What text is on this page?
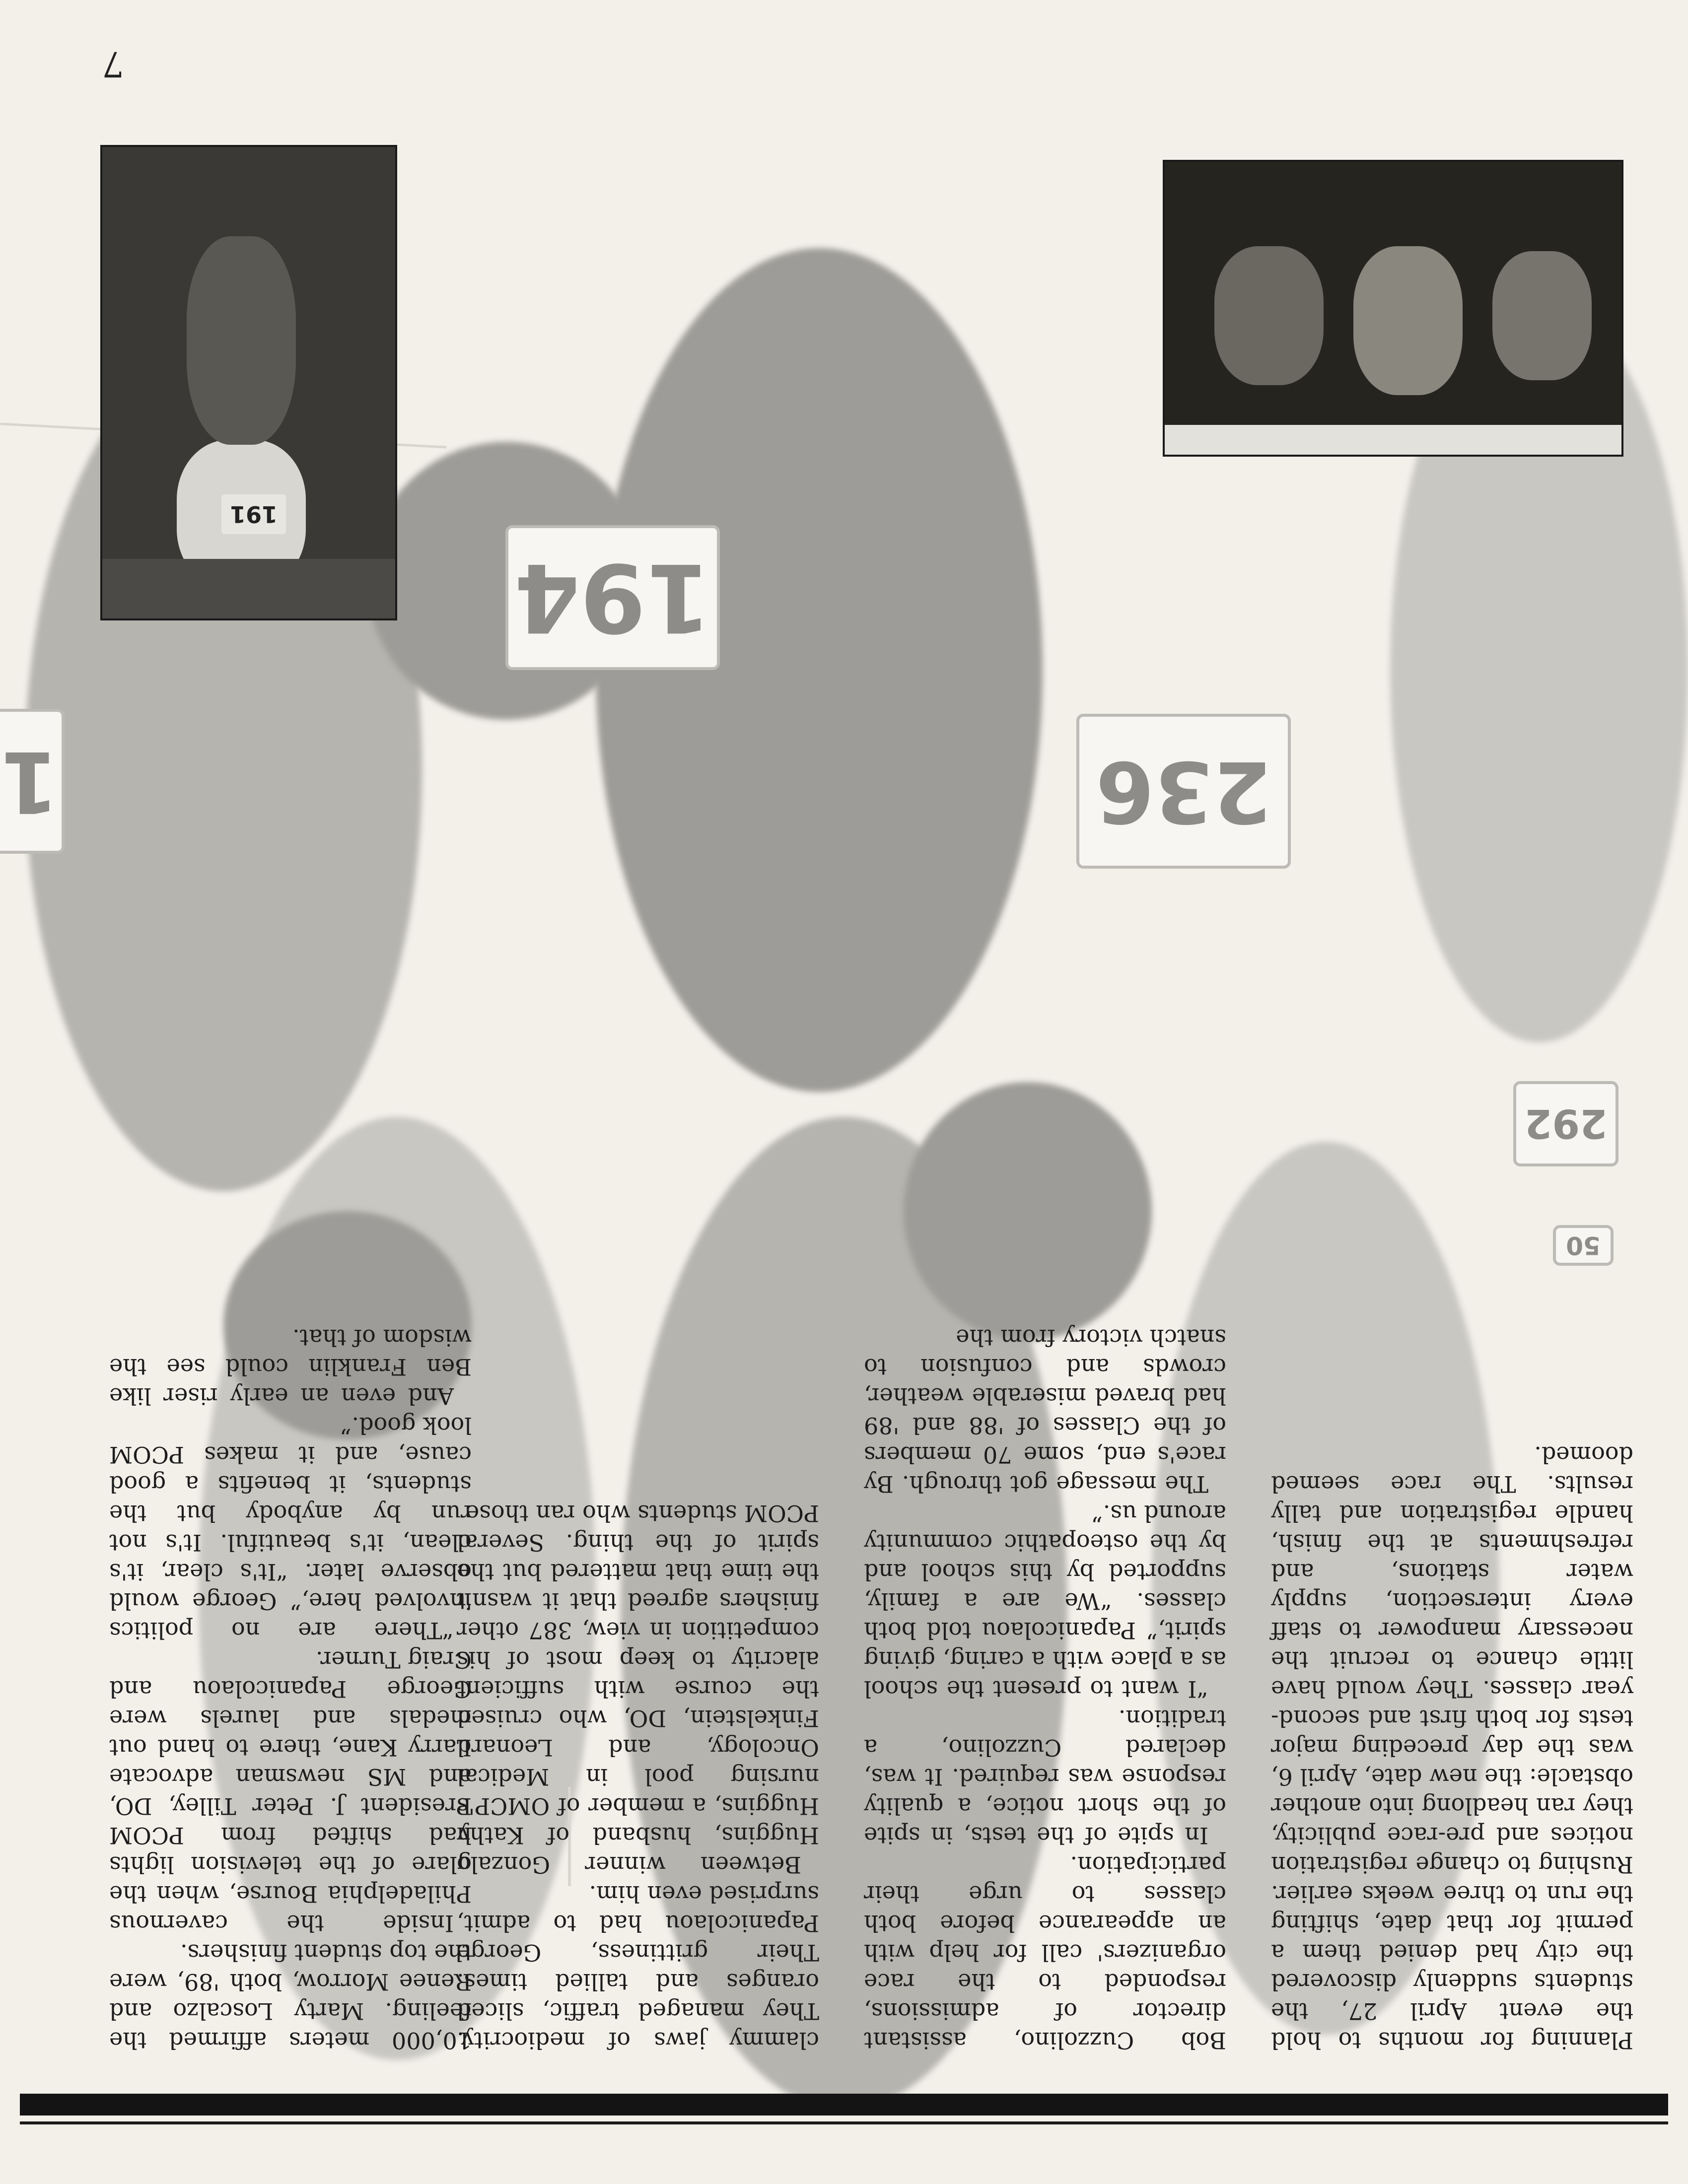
194
236
292
50
1

Planning for months to hold the event April 27, the students suddenly discovered the city had denied them a permit for that date, shifting the run to three weeks earlier. Rushing to change registration notices and pre-race publicity, they ran headlong into another obstacle: the new date, April 6, was the day preceding major tests for both first and second-year classes. They would have little chance to recruit the necessary manpower to staff every intersection, supply water stations, and refreshments at the finish, handle registration and tally results. The race seemed doomed.

Bob Cuzzolino, assistant director of admissions, responded to the race organizers' call for help with an appearance before both classes to urge their participation.

In spite of the tests, in spite of the short notice, a quality response was required. It was, declared Cuzzolino, a tradition.

“I want to present the school as a place with a caring, giving spirit,” Papanicolaou told both classes. “We are a family, supported by this school and by the osteopathic community around us.”

The message got through. By race's end, some 70 members of the Classes of '88 and '89 had braved miserable weather, crowds and confusion to snatch victory from the

clammy jaws of mediocrity. They managed traffic, sliced oranges and tallied times. Their grittiness, George Papanicolaou had to admit, surprised even him.

Between winner Gonzalo Huggins, husband of Kathy Huggins, a member of OMCP's nursing pool in Medical Oncology, and Leonard Finkelstein, DO, who cruised the course with sufficient alacrity to keep most of his competition in view, 387 other finishers agreed that it wasn't the time that mattered but the spirit of the thing. Several PCOM students who ran those

10,000 meters affirmed the feeling. Marty Loscalzo and Renee Morrow, both '89, were the top student finishers.

Inside the cavernous Philadelphia Bourse, when the glare of the television lights had shifted from PCOM President J. Peter Tilley, DO, and MS newsman advocate Larry Kane, there to hand out medals and laurels were George Papanicolaou and Craig Turner.

“There are no politics involved here,” George would observe later. “It's clear, it's clean, it's beautiful. It's not run by anybody but the students, it benefits a good cause, and it makes PCOM look good.”

And even an early riser like Ben Franklin could see the wisdom of that.

191
7
